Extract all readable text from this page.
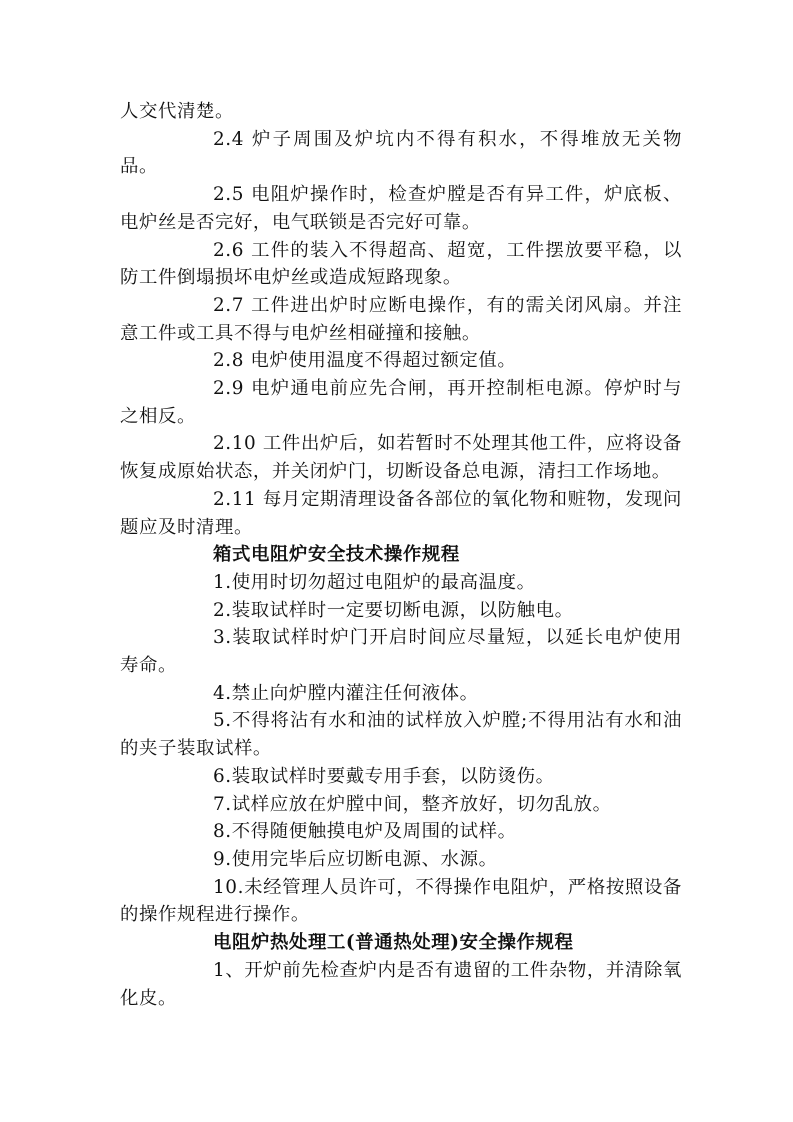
人交代清楚。

2.4 炉子周围及炉坑内不得有积水，不得堆放无关物品。

2.5 电阻炉操作时，检查炉膛是否有异工件，炉底板、电炉丝是否完好，电气联锁是否完好可靠。

2.6 工件的装入不得超高、超宽，工件摆放要平稳，以防工件倒塌损坏电炉丝或造成短路现象。

2.7 工件进出炉时应断电操作，有的需关闭风扇。并注意工件或工具不得与电炉丝相碰撞和接触。

2.8 电炉使用温度不得超过额定值。

2.9 电炉通电前应先合闸，再开控制柜电源。停炉时与之相反。

2.10 工件出炉后，如若暂时不处理其他工件，应将设备恢复成原始状态，并关闭炉门，切断设备总电源，清扫工作场地。

2.11 每月定期清理设备各部位的氧化物和赃物，发现问题应及时清理。

箱式电阻炉安全技术操作规程

1.使用时切勿超过电阻炉的最高温度。

2.装取试样时一定要切断电源，以防触电。

3.装取试样时炉门开启时间应尽量短，以延长电炉使用寿命。

4.禁止向炉膛内灌注任何液体。

5.不得将沾有水和油的试样放入炉膛;不得用沾有水和油的夹子装取试样。

6.装取试样时要戴专用手套，以防烫伤。

7.试样应放在炉膛中间，整齐放好，切勿乱放。

8.不得随便触摸电炉及周围的试样。

9.使用完毕后应切断电源、水源。

10.未经管理人员许可，不得操作电阻炉，严格按照设备的操作规程进行操作。

电阻炉热处理工(普通热处理)安全操作规程

1、开炉前先检查炉内是否有遗留的工件杂物，并清除氧化皮。
